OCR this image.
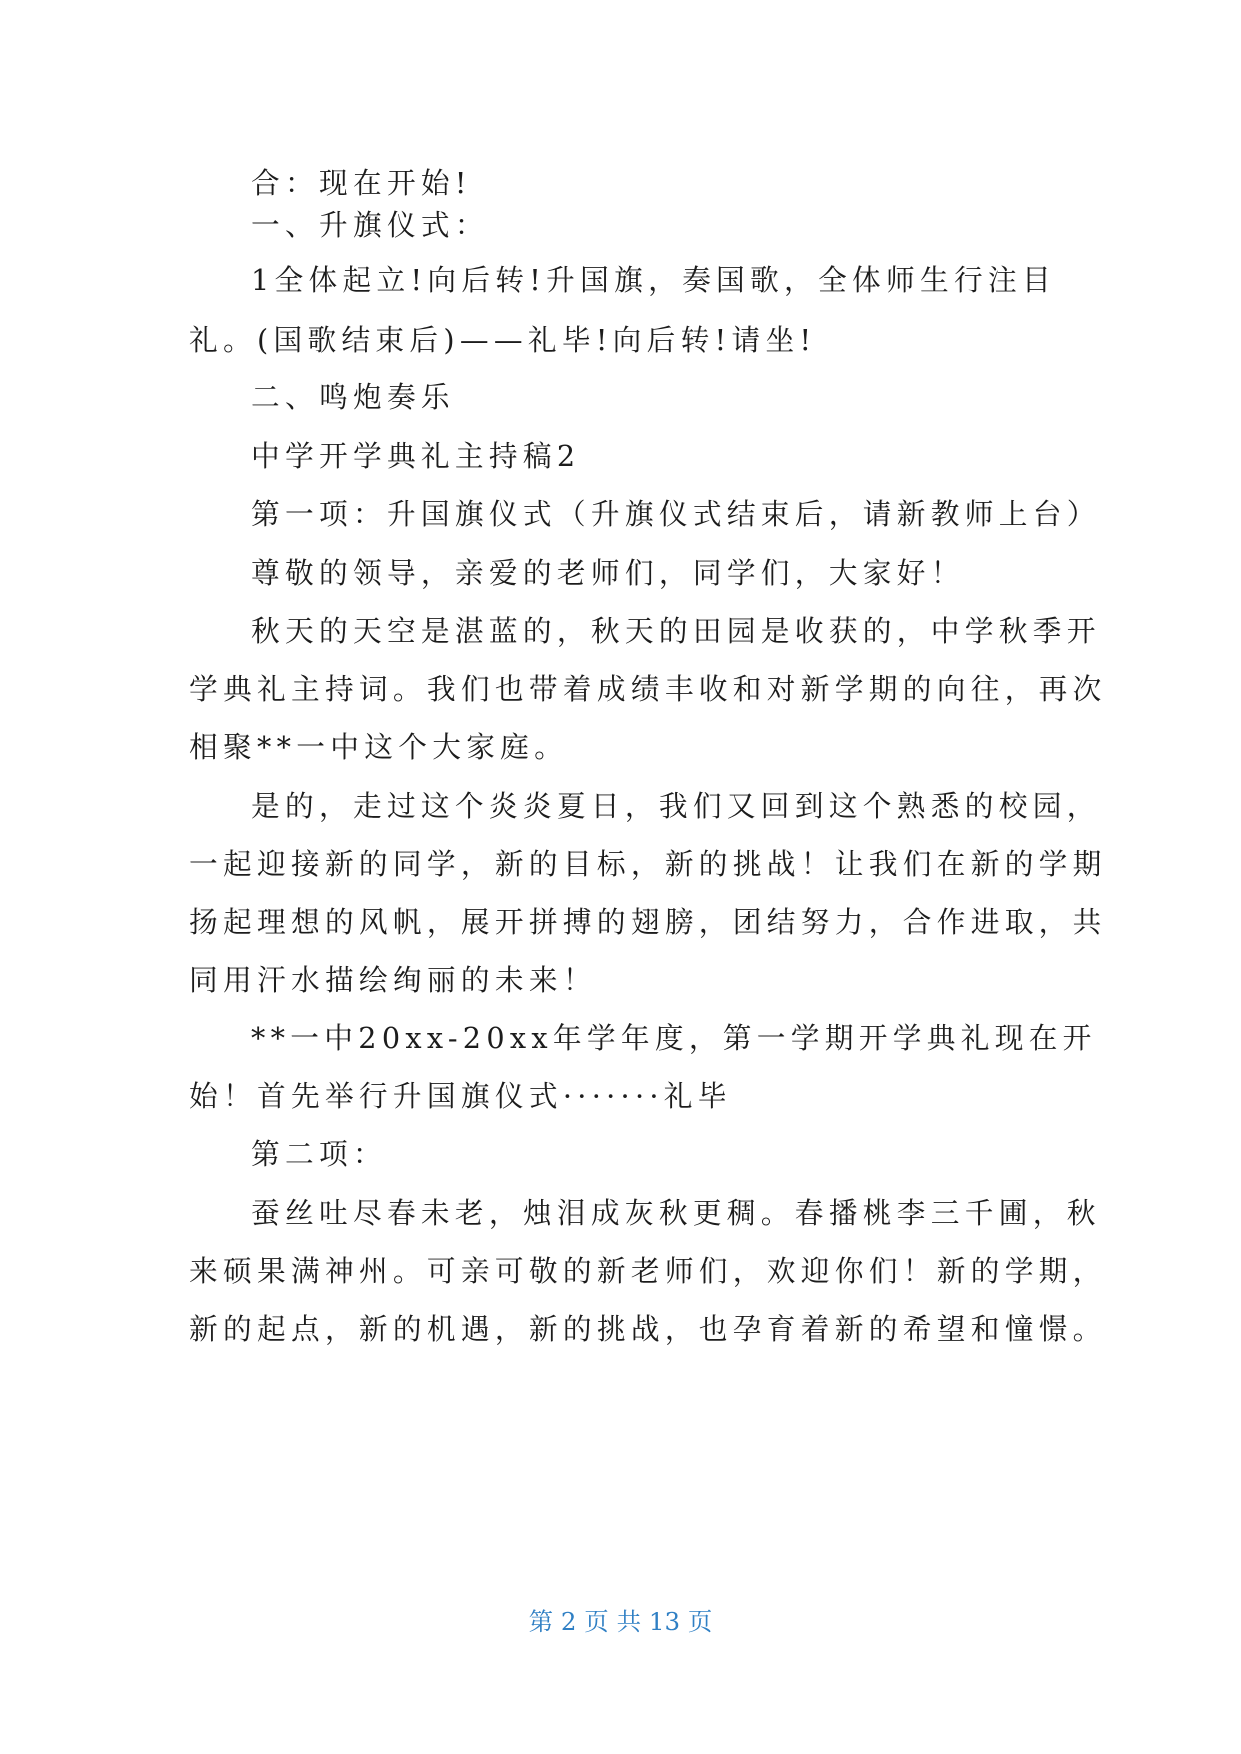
合：现在开始!
一、升旗仪式：
1全体起立!向后转!升国旗，奏国歌，全体师生行注目
礼。(国歌结束后)——礼毕!向后转!请坐!
二、鸣炮奏乐
中学开学典礼主持稿2
第一项：升国旗仪式（升旗仪式结束后，请新教师上台）
尊敬的领导，亲爱的老师们，同学们，大家好！
秋天的天空是湛蓝的，秋天的田园是收获的，中学秋季开
学典礼主持词。我们也带着成绩丰收和对新学期的向往，再次
相聚**一中这个大家庭。
是的，走过这个炎炎夏日，我们又回到这个熟悉的校园，
一起迎接新的同学，新的目标，新的挑战！让我们在新的学期
扬起理想的风帆，展开拼搏的翅膀，团结努力，合作进取，共
同用汗水描绘绚丽的未来！
**一中20xx-20xx年学年度，第一学期开学典礼现在开
始！首先举行升国旗仪式·······礼毕
第二项：
蚕丝吐尽春未老，烛泪成灰秋更稠。春播桃李三千圃，秋
来硕果满神州。可亲可敬的新老师们，欢迎你们！新的学期，
新的起点，新的机遇，新的挑战，也孕育着新的希望和憧憬。
第 2 页 共 13 页
